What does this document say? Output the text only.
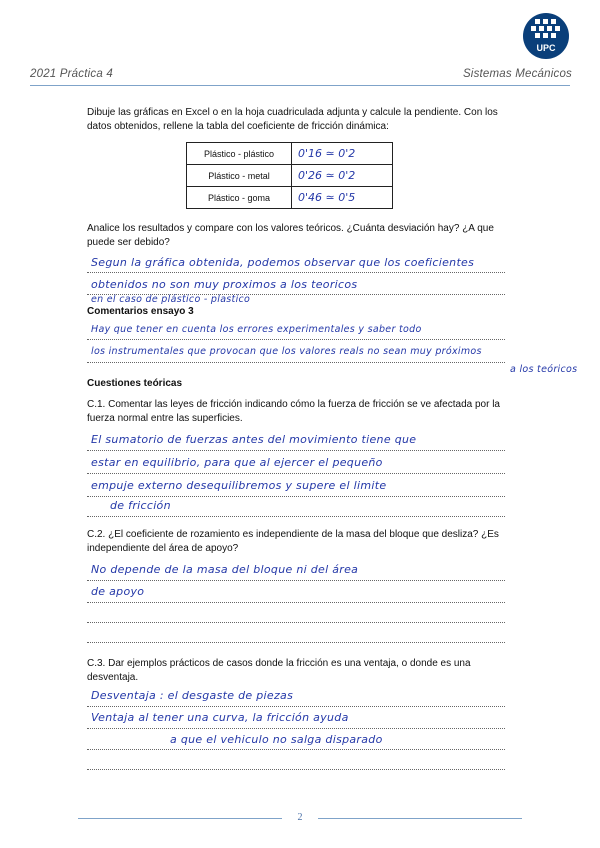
UPC
2021 Práctica 4	Sistemas Mecánicos
Dibuje las gráficas en Excel o en la hoja cuadriculada adjunta y calcule la pendiente. Con los datos obtenidos, rellene la tabla del coeficiente de fricción dinámica:
Plástico - plástico	0'16 ≃ 0'2
Plástico - metal	0'26 ≃ 0'2
Plástico - goma	0'46 ≃ 0'5
Analice los resultados y compare con los valores teóricos. ¿Cuánta desviación hay? ¿A que puede ser debido?
Segun la gráfica obtenida, podemos observar que los coeficientes
obtenidos no son muy proximos a los teoricos
en el caso de plástico - plastico
Comentarios ensayo 3
Hay que tener en cuenta los errores experimentales y saber todo
los instrumentales que provocan que los valores reals no sean muy próximos
a los teóricos
Cuestiones teóricas
C.1. Comentar las leyes de fricción indicando cómo la fuerza de fricción se ve afectada por la fuerza normal entre las superficies.
El sumatorio de fuerzas antes del movimiento tiene que
estar en equilibrio, para que al ejercer el pequeño
empuje externo desequilibremos y supere el limite
de fricción
C.2. ¿El coeficiente de rozamiento es independiente de la masa del bloque que desliza? ¿Es independiente del área de apoyo?
No depende de la masa del bloque ni del área
de apoyo
C.3. Dar ejemplos prácticos de casos donde la fricción es una ventaja, o donde es una desventaja.
Desventaja : el desgaste de piezas
Ventaja al tener una curva, la fricción ayuda
a que el vehiculo no salga disparado
2
